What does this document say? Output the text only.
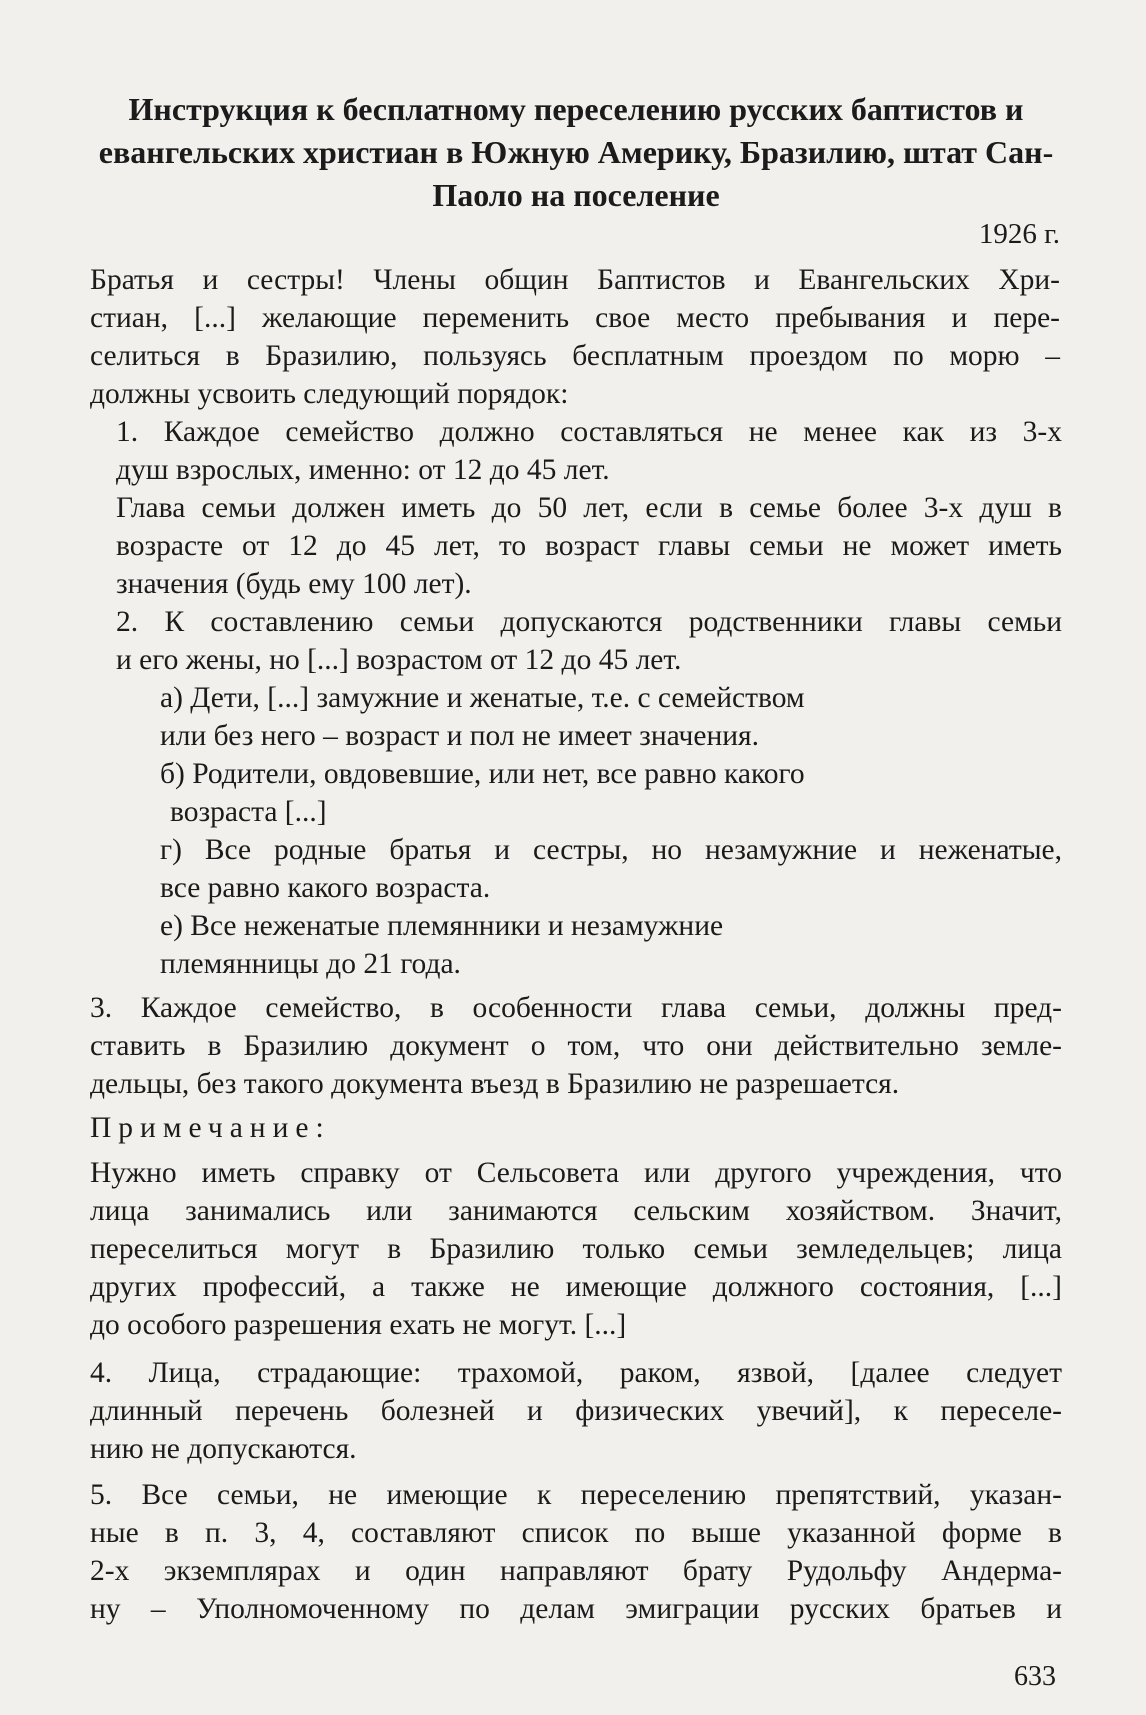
Инструкция к бесплатному переселению русских баптистов и евангельских христиан в Южную Америку, Бразилию, штат Сан-Паоло на поселение
1926 г.
Братья и сестры! Члены общин Баптистов и Евангельских Хри-
стиан, [...] желающие переменить свое место пребывания и пере-
селиться в Бразилию, пользуясь бесплатным проездом по морю –
должны усвоить следующий порядок:
1. Каждое семейство должно составляться не менее как из 3-х
душ взрослых, именно: от 12 до 45 лет.
Глава семьи должен иметь до 50 лет, если в семье более 3-х душ в
возрасте от 12 до 45 лет, то возраст главы семьи не может иметь
значения (будь ему 100 лет).
2. К составлению семьи допускаются родственники главы семьи
и его жены, но [...] возрастом от 12 до 45 лет.
а) Дети, [...] замужние и женатые, т.е. с семейством
или без него – возраст и пол не имеет значения.
б) Родители, овдовевшие, или нет, все равно какого
возраста [...]
г) Все родные братья и сестры, но незамужние и неженатые,
все равно какого возраста.
е) Все неженатые племянники и незамужние
племянницы до 21 года.
3. Каждое семейство, в особенности глава семьи, должны пред-
ставить в Бразилию документ о том, что они действительно земле-
дельцы, без такого документа въезд в Бразилию не разрешается.
Примечание:
Нужно иметь справку от Сельсовета или другого учреждения, что
лица занимались или занимаются сельским хозяйством. Значит,
переселиться могут в Бразилию только семьи земледельцев; лица
других профессий, а также не имеющие должного состояния, [...]
до особого разрешения ехать не могут. [...]
4. Лица, страдающие: трахомой, раком, язвой, [далее следует
длинный перечень болезней и физических увечий], к переселе-
нию не допускаются.
5. Все семьи, не имеющие к переселению препятствий, указан-
ные в п. 3, 4, составляют список по выше указанной форме в
2-х экземплярах и один направляют брату Рудольфу Андерма-
ну – Уполномоченному по делам эмиграции русских братьев и
633
